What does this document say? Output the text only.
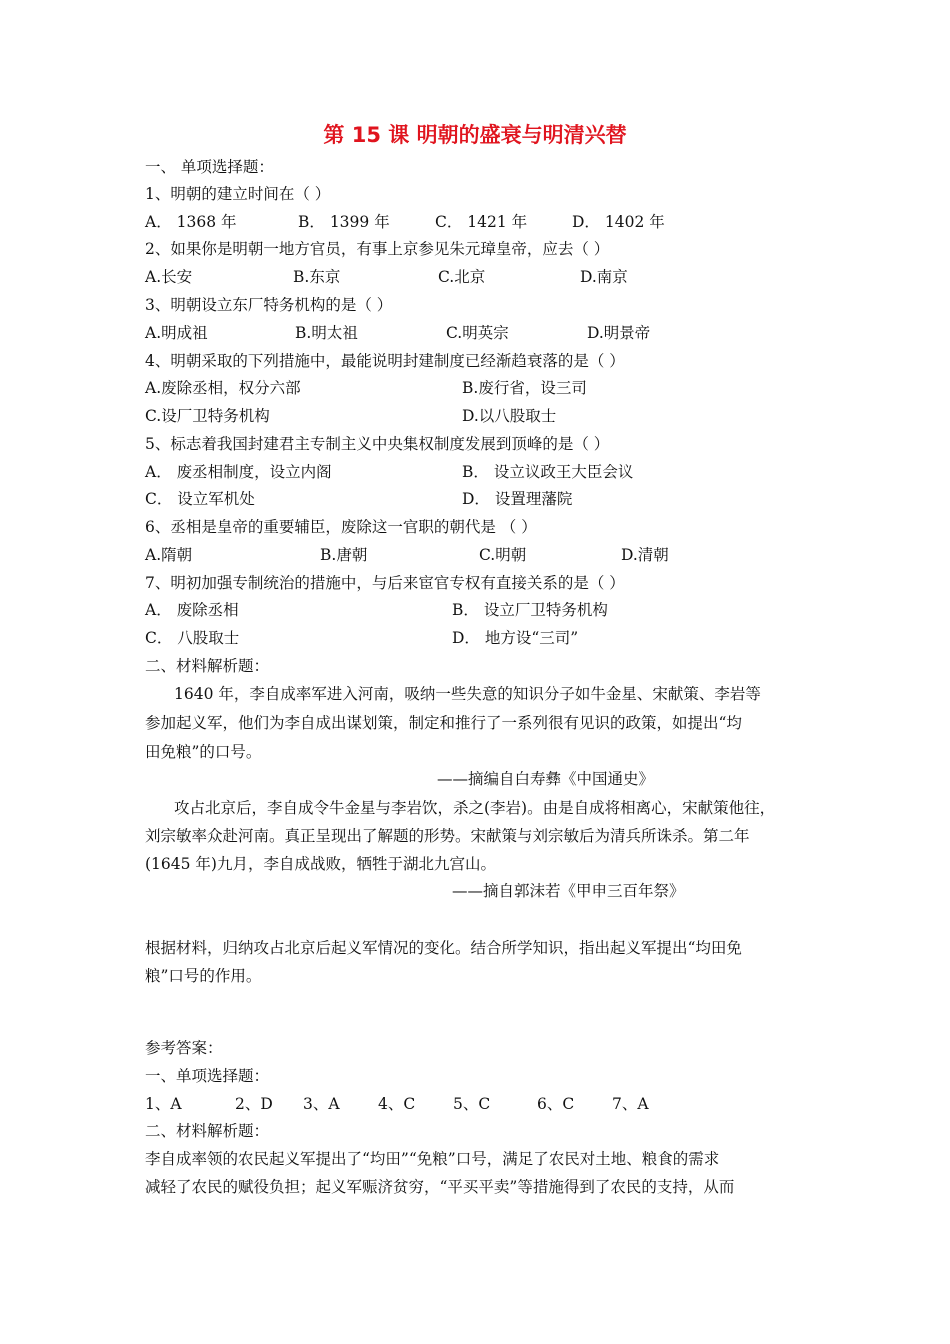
第 15 课 明朝的盛衰与明清兴替
一、 单项选择题：
1、明朝的建立时间在（ ）
A． 1368 年	B． 1399 年	C． 1421 年	D． 1402 年
2、如果你是明朝一地方官员，有事上京参见朱元璋皇帝，应去（ ）
A.长安	B.东京	C.北京	D.南京
3、明朝设立东厂特务机构的是（ ）
A.明成祖	B.明太祖	C.明英宗	D.明景帝
4、明朝采取的下列措施中，最能说明封建制度已经渐趋衰落的是（ ）
A.废除丞相，权分六部	B.废行省，设三司
C.设厂卫特务机构	D.以八股取士
5、标志着我国封建君主专制主义中央集权制度发展到顶峰的是（ ）
A． 废丞相制度，设立内阁	B． 设立议政王大臣会议
C． 设立军机处	D． 设置理藩院
6、丞相是皇帝的重要辅臣，废除这一官职的朝代是 （ ）
A.隋朝	B.唐朝	C.明朝	D.清朝
7、明初加强专制统治的措施中，与后来宦官专权有直接关系的是（ ）
A． 废除丞相	B． 设立厂卫特务机构
C． 八股取士	D． 地方设“三司”
二、材料解析题：
1640 年，李自成率军进入河南，吸纳一些失意的知识分子如牛金星、宋献策、李岩等
参加起义军，他们为李自成出谋划策，制定和推行了一系列很有见识的政策，如提出“均
田免粮”的口号。
——摘编自白寿彝《中国通史》
攻占北京后，李自成令牛金星与李岩饮，杀之(李岩)。由是自成将相离心，宋献策他往，
刘宗敏率众赴河南。真正呈现出了解题的形势。宋献策与刘宗敏后为清兵所诛杀。第二年
(1645 年)九月，李自成战败，牺牲于湖北九宫山。
——摘自郭沫若《甲申三百年祭》
根据材料，归纳攻占北京后起义军情况的变化。结合所学知识，指出起义军提出“均田免
粮”口号的作用。
参考答案：
一、单项选择题：
1、A	2、D 3、A 4、C 5、C	6、C 7、A
二、材料解析题：
李自成率领的农民起义军提出了“均田”“免粮”口号，满足了农民对土地、粮食的需求
减轻了农民的赋役负担；起义军赈济贫穷，“平买平卖”等措施得到了农民的支持，从而
